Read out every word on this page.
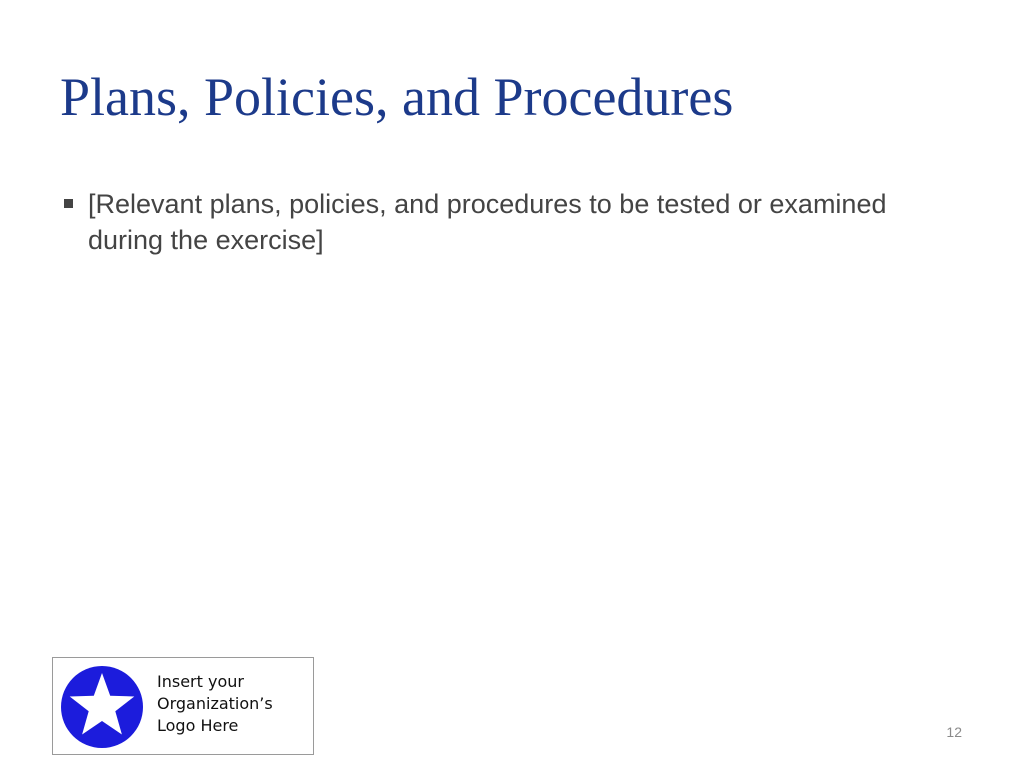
Plans, Policies, and Procedures
[Relevant plans, policies, and procedures to be tested or examined during the exercise]
Insert your
Organization’s
Logo Here	12
